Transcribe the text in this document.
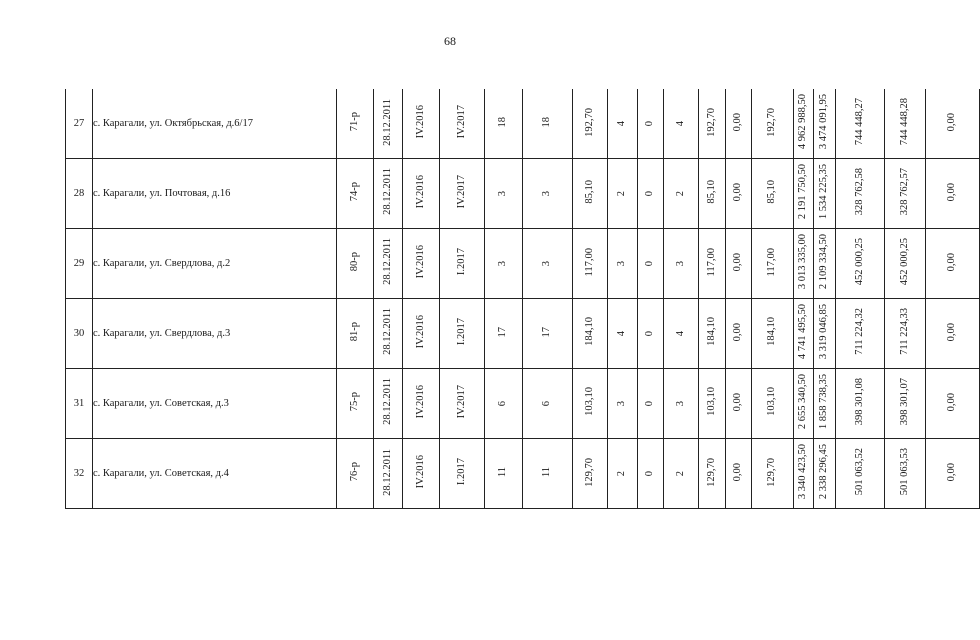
68
27	с. Карагали, ул. Октябрьская, д.6/17	71-р	28.12.2011	IV.2016	IV.2017	18	18	192,70	4	0	4	192,70	0,00	192,70	4 962 988,50	3 474 091,95	744 448,27	744 448,28	0,00
28	с. Карагали, ул. Почтовая, д.16	74-р	28.12.2011	IV.2016	IV.2017	3	3	85,10	2	0	2	85,10	0,00	85,10	2 191 750,50	1 534 225,35	328 762,58	328 762,57	0,00
29	с. Карагали, ул. Свердлова, д.2	80-р	28.12.2011	IV.2016	I.2017	3	3	117,00	3	0	3	117,00	0,00	117,00	3 013 335,00	2 109 334,50	452 000,25	452 000,25	0,00
30	с. Карагали, ул. Свердлова, д.3	81-р	28.12.2011	IV.2016	I.2017	17	17	184,10	4	0	4	184,10	0,00	184,10	4 741 495,50	3 319 046,85	711 224,32	711 224,33	0,00
31	с. Карагали, ул. Советская, д.3	75-р	28.12.2011	IV.2016	IV.2017	6	6	103,10	3	0	3	103,10	0,00	103,10	2 655 340,50	1 858 738,35	398 301,08	398 301,07	0,00
32	с. Карагали, ул. Советская, д.4	76-р	28.12.2011	IV.2016	I.2017	11	11	129,70	2	0	2	129,70	0,00	129,70	3 340 423,50	2 338 296,45	501 063,52	501 063,53	0,00
